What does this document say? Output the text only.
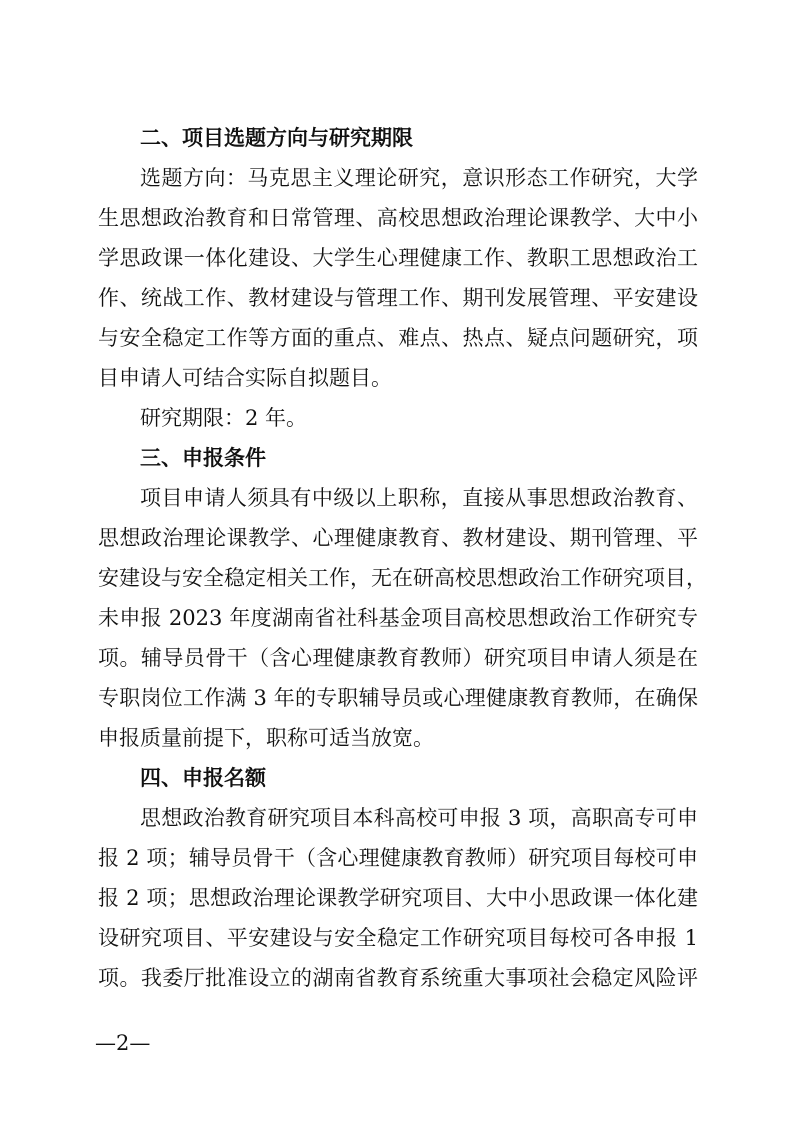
二、项目选题方向与研究期限

选题方向：马克思主义理论研究，意识形态工作研究，大学
生思想政治教育和日常管理、高校思想政治理论课教学、大中小
学思政课一体化建设、大学生心理健康工作、教职工思想政治工
作、统战工作、教材建设与管理工作、期刊发展管理、平安建设
与安全稳定工作等方面的重点、难点、热点、疑点问题研究，项
目申请人可结合实际自拟题目。

研究期限：2 年。

三、申报条件

项目申请人须具有中级以上职称，直接从事思想政治教育、
思想政治理论课教学、心理健康教育、教材建设、期刊管理、平
安建设与安全稳定相关工作，无在研高校思想政治工作研究项目，
未申报 2023 年度湖南省社科基金项目高校思想政治工作研究专
项。辅导员骨干（含心理健康教育教师）研究项目申请人须是在
专职岗位工作满 3 年的专职辅导员或心理健康教育教师，在确保
申报质量前提下，职称可适当放宽。

四、申报名额

思想政治教育研究项目本科高校可申报 3 项，高职高专可申
报 2 项；辅导员骨干（含心理健康教育教师）研究项目每校可申
报 2 项；思想政治理论课教学研究项目、大中小思政课一体化建
设研究项目、平安建设与安全稳定工作研究项目每校可各申报 1
项。我委厅批准设立的湖南省教育系统重大事项社会稳定风险评

—2—
